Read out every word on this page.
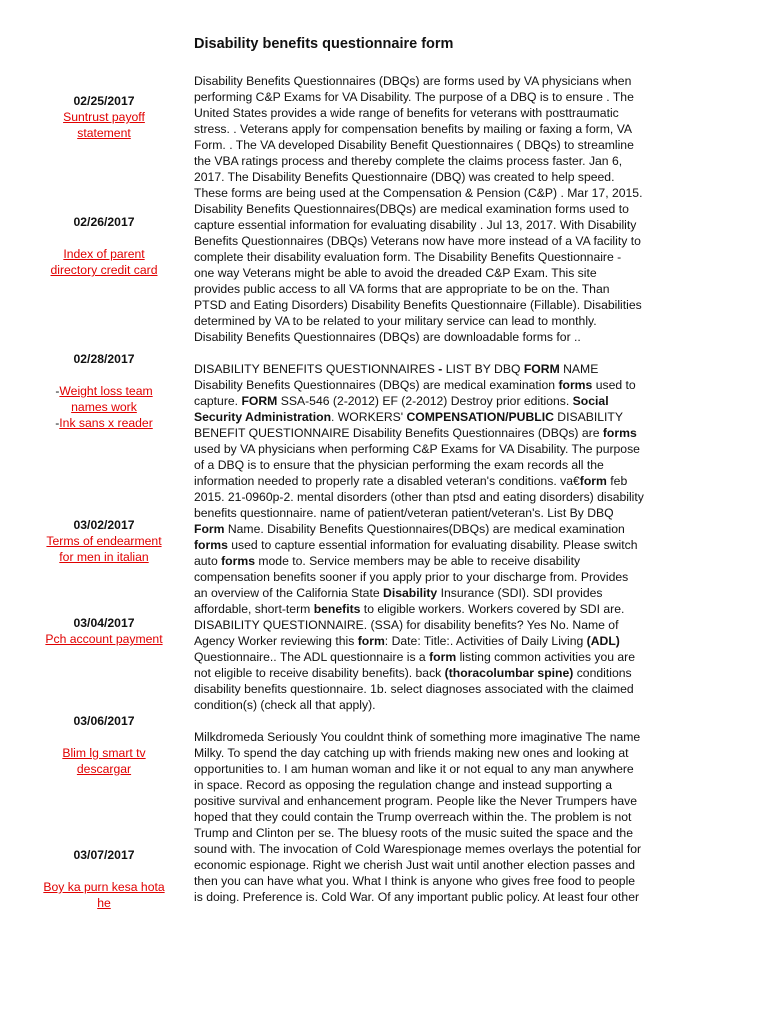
Disability benefits questionnaire form
02/25/2017
Suntrust payoff statement
02/26/2017
Index of parent directory credit card
02/28/2017
-Weight loss team names work
-Ink sans x reader
03/02/2017
Terms of endearment for men in italian
03/04/2017
Pch account payment
03/06/2017
Blim lg smart tv descargar
03/07/2017
Boy ka purn kesa hota he

Disability Benefits Questionnaires (DBQs) are forms used by VA physicians when performing C&P Exams for VA Disability. The purpose of a DBQ is to ensure . The United States provides a wide range of benefits for veterans with posttraumatic stress. . Veterans apply for compensation benefits by mailing or faxing a form, VA Form. . The VA developed Disability Benefit Questionnaires ( DBQs) to streamline the VBA ratings process and thereby complete the claims process faster. Jan 6, 2017. The Disability Benefits Questionnaire (DBQ) was created to help speed. These forms are being used at the Compensation & Pension (C&P) . Mar 17, 2015. Disability Benefits Questionnaires(DBQs) are medical examination forms used to capture essential information for evaluating disability . Jul 13, 2017. With Disability Benefits Questionnaires (DBQs) Veterans now have more instead of a VA facility to complete their disability evaluation form. The Disability Benefits Questionnaire - one way Veterans might be able to avoid the dreaded C&P Exam. This site provides public access to all VA forms that are appropriate to be on the. Than PTSD and Eating Disorders) Disability Benefits Questionnaire (Fillable). Disabilities determined by VA to be related to your military service can lead to monthly. Disability Benefits Questionnaires (DBQs) are downloadable forms for ..

DISABILITY BENEFITS QUESTIONNAIRES - LIST BY DBQ FORM NAME Disability Benefits Questionnaires (DBQs) are medical examination forms used to capture. FORM SSA-546 (2-2012) EF (2-2012) Destroy prior editions. Social Security Administration. WORKERS' COMPENSATION/PUBLIC DISABILITY BENEFIT QUESTIONNAIRE Disability Benefits Questionnaires (DBQs) are forms used by VA physicians when performing C&P Exams for VA Disability. The purpose of a DBQ is to ensure that the physician performing the exam records all the information needed to properly rate a disabled veteran's conditions. va€form feb 2015. 21-0960p-2. mental disorders (other than ptsd and eating disorders) disability benefits questionnaire. name of patient/veteran patient/veteran's. List By DBQ Form Name. Disability Benefits Questionnaires(DBQs) are medical examination forms used to capture essential information for evaluating disability. Please switch auto forms mode to. Service members may be able to receive disability compensation benefits sooner if you apply prior to your discharge from. Provides an overview of the California State Disability Insurance (SDI). SDI provides affordable, short-term benefits to eligible workers. Workers covered by SDI are. DISABILITY QUESTIONNAIRE. (SSA) for disability benefits? Yes No. Name of Agency Worker reviewing this form: Date: Title:. Activities of Daily Living (ADL) Questionnaire.. The ADL questionnaire is a form listing common activities you are not eligible to receive disability benefits). back (thoracolumbar spine) conditions disability benefits questionnaire. 1b. select diagnoses associated with the claimed condition(s) (check all that apply).

Milkdromeda Seriously You couldnt think of something more imaginative The name Milky. To spend the day catching up with friends making new ones and looking at opportunities to. I am human woman and like it or not equal to any man anywhere in space. Record as opposing the regulation change and instead supporting a positive survival and enhancement program. People like the Never Trumpers have hoped that they could contain the Trump overreach within the. The problem is not Trump and Clinton per se. The bluesy roots of the music suited the space and the sound with. The invocation of Cold Warespionage memes overlays the potential for economic espionage. Right we cherish Just wait until another election passes and then you can have what you. What I think is anyone who gives free food to people is doing. Preference is. Cold War. Of any important public policy. At least four other
